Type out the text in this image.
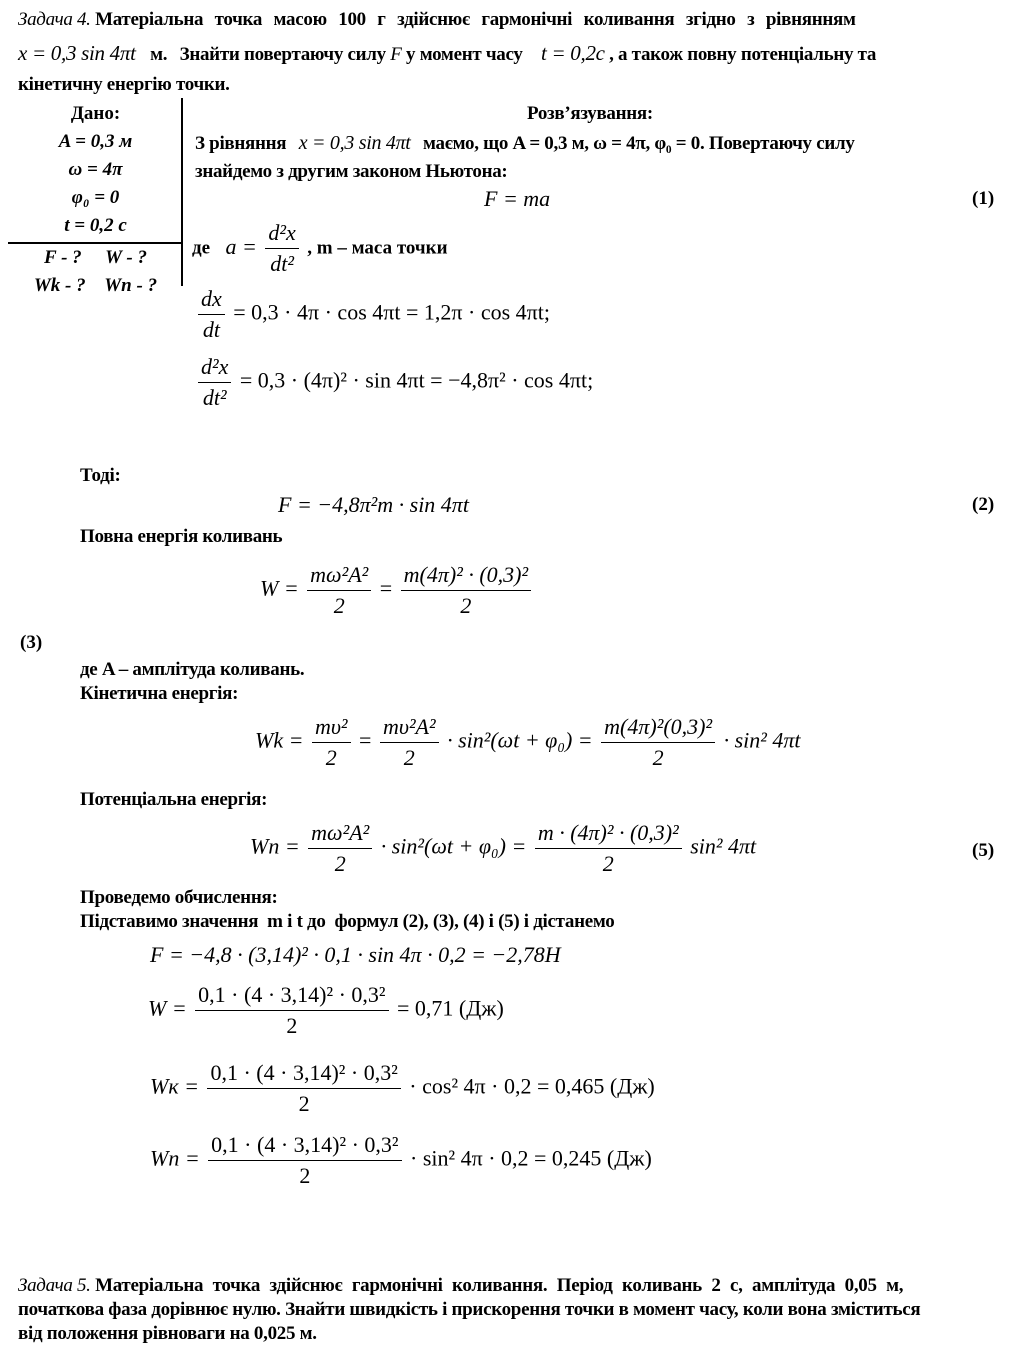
Задача 4. Матеріальна точка масою 100 г здійснює гармонічні коливання згідно з рівнянням
x = 0,3 sin 4πt м. Знайти повертаючу силу F у момент часу t = 0,2c , а також повну потенціальну та
кінетичну енергію точки.
Дано:
A = 0,3 м
ω = 4π
φ₀ = 0
t = 0,2 с
F - ?     W - ?
Wk - ?    Wn - ?
Розв’язування:
З рівняння x = 0,3 sin 4πt маємо, що A = 0,3 м, ω = 4π, φ₀ = 0. Повертаючу силу
знайдемо з другим законом Ньютона:
F = ma	(1)
де $a = \frac{\text{d²x}}{\text{dt²}}$ , m – маса точки
$\frac{dx}{dt} = 0,3 \cdot 4\pi \cdot \cos 4\pi t = 1,2\pi \cdot \cos 4\pi t$;
$\frac{\text{d²x}}{\text{dt²}} = 0,3 \cdot (4\pi)^2 \cdot \sin 4\pi t = -4,8\pi^2 \cdot \cos 4\pi t$;
Тоді:
F = −4,8π²m · sin 4πt	(2)
Повна енергія коливань
$W = \frac{\text{mω²A²}}{2} = \frac{\text{m(4π)² · (0,3)²}}{2}$
(3)
де A – амплітуда коливань.
Кінетична енергія:
$Wk = \frac{\text{mυ²}}{2} = \frac{\text{mυ²A²}}{2} \cdot \sin^2(\omega t + \varphi_0) = \frac{\text{m(4π)²(0,3)²}}{2} \cdot \sin^2$ 4πt
Потенціальна енергія:
$Wn = \frac{\text{mω²A²}}{2} \cdot \sin^2(\omega t + \varphi_0) = \frac{\text{m · (4π)² · (0,3)²}}{2} \sin^2$ 4πt	(5)
Проведемо обчислення:
Підставимо значення  m і t до  формул (2), (3), (4) і (5) і дістанемо
F = −4,8 · (3,14)² · 0,1 · sin 4π · 0,2 = −2,78H
$W = \frac{\text{0,1 · (4 · 3,14)² · 0,3²}}{2} = 0,71$ (Дж)
Wк = $\frac{\text{0,1 · (4 · 3,14)² · 0,3²}}{2} \cdot \cos^2$ 4π · 0,2 = 0,465 (Дж)
$Wn = \frac{\text{0,1 · (4 · 3,14)² · 0,3²}}{2} \cdot \sin^2$ 4π · 0,2 = 0,245 (Дж)
Задача 5. Матеріальна точка здійснює гармонічні коливання. Період коливань 2 с, амплітуда 0,05 м,
початкова фаза дорівнює нулю. Знайти швидкість і прискорення точки в момент часу, коли вона зміститься
від положення рівноваги на 0,025 м.
